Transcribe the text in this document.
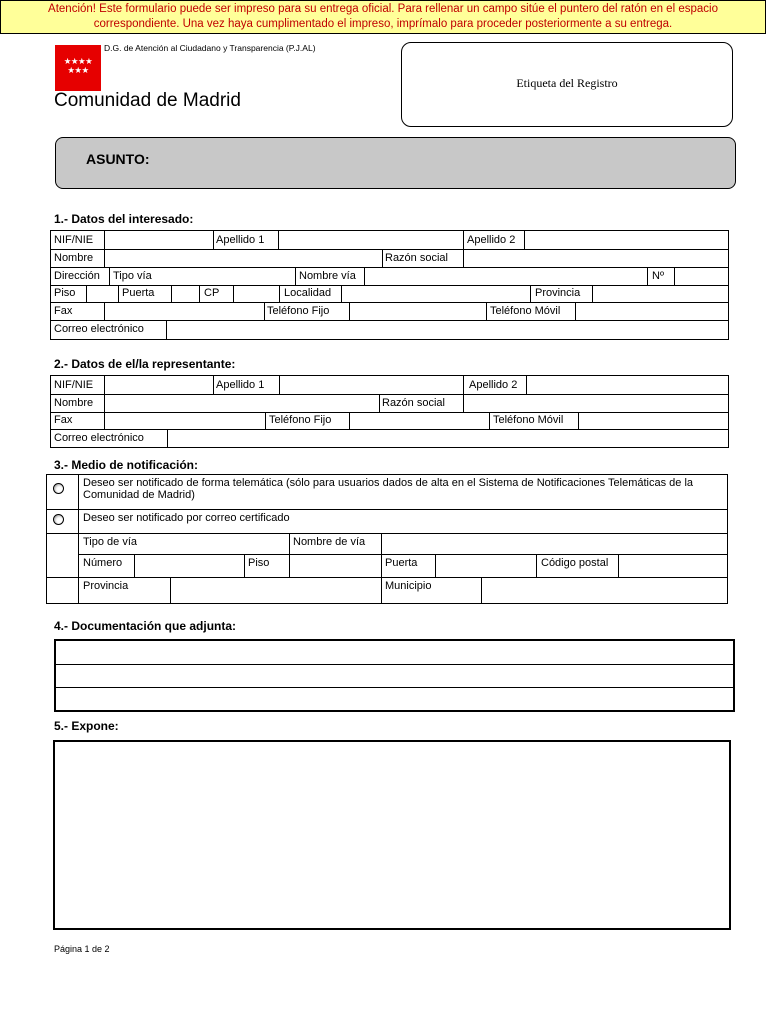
Atención! Este formulario puede ser impreso para su entrega oficial. Para rellenar un campo sitúe el puntero del ratón en el espacio
correspondiente. Una vez haya cumplimentado el impreso, imprímalo para proceder posteriormente a su entrega.
★★★★
★★★
D.G. de Atención al Ciudadano y Transparencia (P.J.AL)
Comunidad de Madrid
Etiqueta del Registro
ASUNTO:
1.- Datos del interesado:
NIF/NIE	Apellido 1	Apellido 2
Nombre	Razón social
Dirección Tipo vía	Nombre vía	Nº
Piso	Puerta	CP	Localidad	Provincia
Fax	Teléfono Fijo	Teléfono Móvil
Correo electrónico
2.- Datos de el/la representante:
NIF/NIE	Apellido 1	Apellido 2
Nombre	Razón social
Fax	Teléfono Fijo	Teléfono Móvil
Correo electrónico
3.- Medio de notificación:
Deseo ser notificado de forma telemática (sólo para usuarios dados de alta en el Sistema de Notificaciones Telemáticas de la Comunidad de Madrid)
Deseo ser notificado por correo certificado
Tipo de vía	Nombre de vía
Número	Piso	Puerta	Código postal
Provincia	Municipio
4.- Documentación que adjunta:
5.- Expone:
Página 1 de 2
